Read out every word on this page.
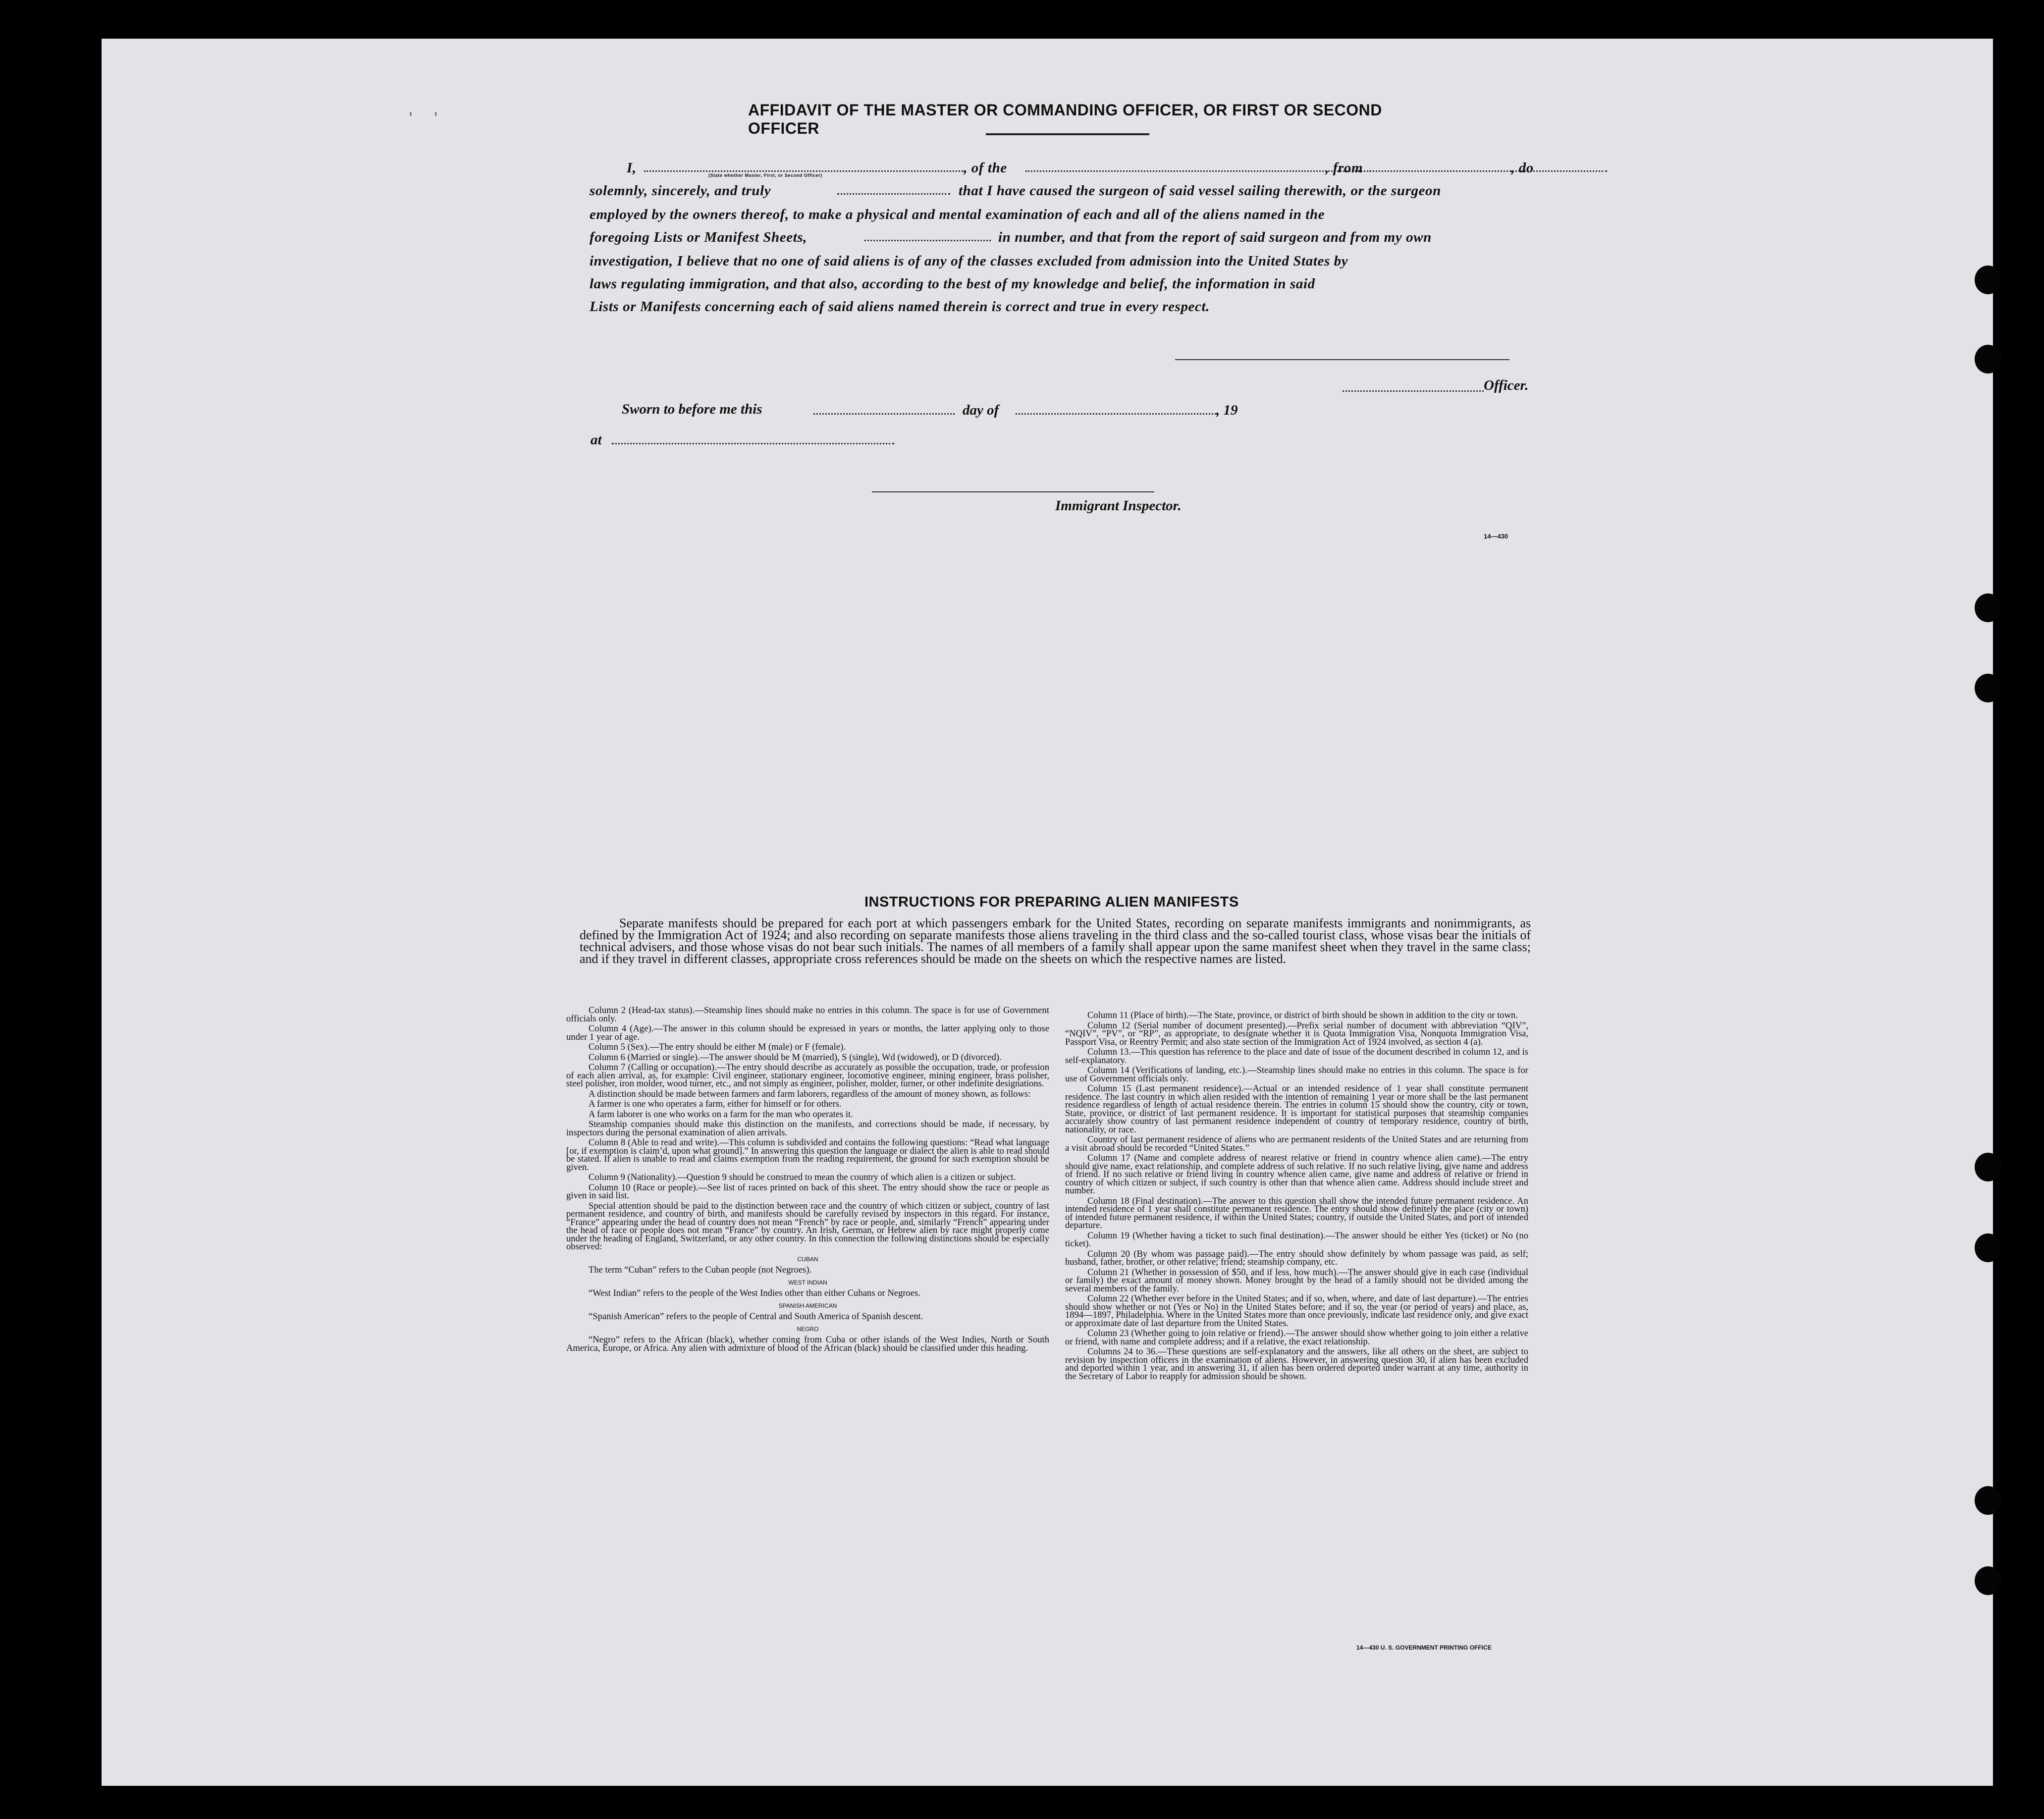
' '	AFFIDAVIT OF THE MASTER OR COMMANDING OFFICER, OR FIRST OR SECOND OFFICER
I,	(State whether Master, First, or Second Officer)	, of the	, from	, do
solemnly, sincerely, and truly	that I have caused the surgeon of said vessel sailing therewith, or the surgeon
employed by the owners thereof, to make a physical and mental examination of each and all of the aliens named in the
foregoing Lists or Manifest Sheets,	in number, and that from the report of said surgeon and from my own
investigation, I believe that no one of said aliens is of any of the classes excluded from admission into the United States by
laws regulating immigration, and that also, according to the best of my knowledge and belief, the information in said
Lists or Manifests concerning each of said aliens named therein is correct and true in every respect.
Officer.
Sworn to before me this	day of	, 19
at
Immigrant Inspector.
14—430
INSTRUCTIONS FOR PREPARING ALIEN MANIFESTS
Separate manifests should be prepared for each port at which passengers embark for the United States, recording on separate manifests immigrants and nonimmigrants, as defined by the Immigration Act of 1924; and also recording on separate manifests those aliens traveling in the third class and the so-called tourist class, whose visas bear the initials of technical advisers, and those whose visas do not bear such initials. The names of all members of a family shall appear upon the same manifest sheet when they travel in the same class; and if they travel in different classes, appropriate cross references should be made on the sheets on which the respective names are listed.

Column 2 (Head-tax status).—Steamship lines should make no entries in this column. The space is for use of Government officials only.

Column 4 (Age).—The answer in this column should be expressed in years or months, the latter applying only to those under 1 year of age.

Column 5 (Sex).—The entry should be either M (male) or F (female).

Column 6 (Married or single).—The answer should be M (married), S (single), Wd (widowed), or D (divorced).

Column 7 (Calling or occupation).—The entry should describe as accurately as possible the occupation, trade, or profession of each alien arrival, as, for example: Civil engineer, stationary engineer, locomotive engineer, mining engineer, brass polisher, steel polisher, iron molder, wood turner, etc., and not simply as engineer, polisher, molder, turner, or other indefinite designations.

A distinction should be made between farmers and farm laborers, regardless of the amount of money shown, as follows:

A farmer is one who operates a farm, either for himself or for others.

A farm laborer is one who works on a farm for the man who operates it.

Steamship companies should make this distinction on the manifests, and corrections should be made, if necessary, by inspectors during the personal examination of alien arrivals.

Column 8 (Able to read and write).—This column is subdivided and contains the following questions: “Read what language [or, if exemption is claim’d, upon what ground].” In answering this question the language or dialect the alien is able to read should be stated. If alien is unable to read and claims exemption from the reading requirement, the ground for such exemption should be given.

Column 9 (Nationality).—Question 9 should be construed to mean the country of which alien is a citizen or subject.

Column 10 (Race or people).—See list of races printed on back of this sheet. The entry should show the race or people as given in said list.

Special attention should be paid to the distinction between race and the country of which citizen or subject, country of last permanent residence, and country of birth, and manifests should be carefully revised by inspectors in this regard. For instance, “France” appearing under the head of country does not mean “French” by race or people, and, similarly “French” appearing under the head of race or people does not mean “France” by country. An Irish, German, or Hebrew alien by race might properly come under the heading of England, Switzerland, or any other country. In this connection the following distinctions should be especially observed:

CUBAN

The term “Cuban” refers to the Cuban people (not Negroes).

WEST INDIAN

“West Indian” refers to the people of the West Indies other than either Cubans or Negroes.

SPANISH AMERICAN

“Spanish American” refers to the people of Central and South America of Spanish descent.

NEGRO

“Negro” refers to the African (black), whether coming from Cuba or other islands of the West Indies, North or South America, Europe, or Africa. Any alien with admixture of blood of the African (black) should be classified under this heading.

Column 11 (Place of birth).—The State, province, or district of birth should be shown in addition to the city or town.

Column 12 (Serial number of document presented).—Prefix serial number of document with abbreviation “QIV”, “NQIV”, “PV”, or “RP”, as appropriate, to designate whether it is Quota Immigration Visa, Nonquota Immigration Visa, Passport Visa, or Reentry Permit; and also state section of the Immigration Act of 1924 involved, as section 4 (a).

Column 13.—This question has reference to the place and date of issue of the document described in column 12, and is self-explanatory.

Column 14 (Verifications of landing, etc.).—Steamship lines should make no entries in this column. The space is for use of Government officials only.

Column 15 (Last permanent residence).—Actual or an intended residence of 1 year shall constitute permanent residence. The last country in which alien resided with the intention of remaining 1 year or more shall be the last permanent residence regardless of length of actual residence therein. The entries in column 15 should show the country, city or town, State, province, or district of last permanent residence. It is important for statistical purposes that steamship companies accurately show country of last permanent residence independent of country of temporary residence, country of birth, nationality, or race.

Country of last permanent residence of aliens who are permanent residents of the United States and are returning from a visit abroad should be recorded “United States.”

Column 17 (Name and complete address of nearest relative or friend in country whence alien came).—The entry should give name, exact relationship, and complete address of such relative. If no such relative living, give name and address of friend. If no such relative or friend living in country whence alien came, give name and address of relative or friend in country of which citizen or subject, if such country is other than that whence alien came. Address should include street and number.

Column 18 (Final destination).—The answer to this question shall show the intended future permanent residence. An intended residence of 1 year shall constitute permanent residence. The entry should show definitely the place (city or town) of intended future permanent residence, if within the United States; country, if outside the United States, and port of intended departure.

Column 19 (Whether having a ticket to such final destination).—The answer should be either Yes (ticket) or No (no ticket).

Column 20 (By whom was passage paid).—The entry should show definitely by whom passage was paid, as self; husband, father, brother, or other relative; friend; steamship company, etc.

Column 21 (Whether in possession of $50, and if less, how much).—The answer should give in each case (individual or family) the exact amount of money shown. Money brought by the head of a family should not be divided among the several members of the family.

Column 22 (Whether ever before in the United States; and if so, when, where, and date of last departure).—The entries should show whether or not (Yes or No) in the United States before; and if so, the year (or period of years) and place, as, 1894—1897, Philadelphia. Where in the United States more than once previously, indicate last residence only, and give exact or approximate date of last departure from the United States.

Column 23 (Whether going to join relative or friend).—The answer should show whether going to join either a relative or friend, with name and complete address; and if a relative, the exact relationship.

Columns 24 to 36.—These questions are self-explanatory and the answers, like all others on the sheet, are subject to revision by inspection officers in the examination of aliens. However, in answering question 30, if alien has been excluded and deported within 1 year, and in answering 31, if alien has been ordered deported under warrant at any time, authority in the Secretary of Labor to reapply for admission should be shown.

14—430 U. S. GOVERNMENT PRINTING OFFICE
